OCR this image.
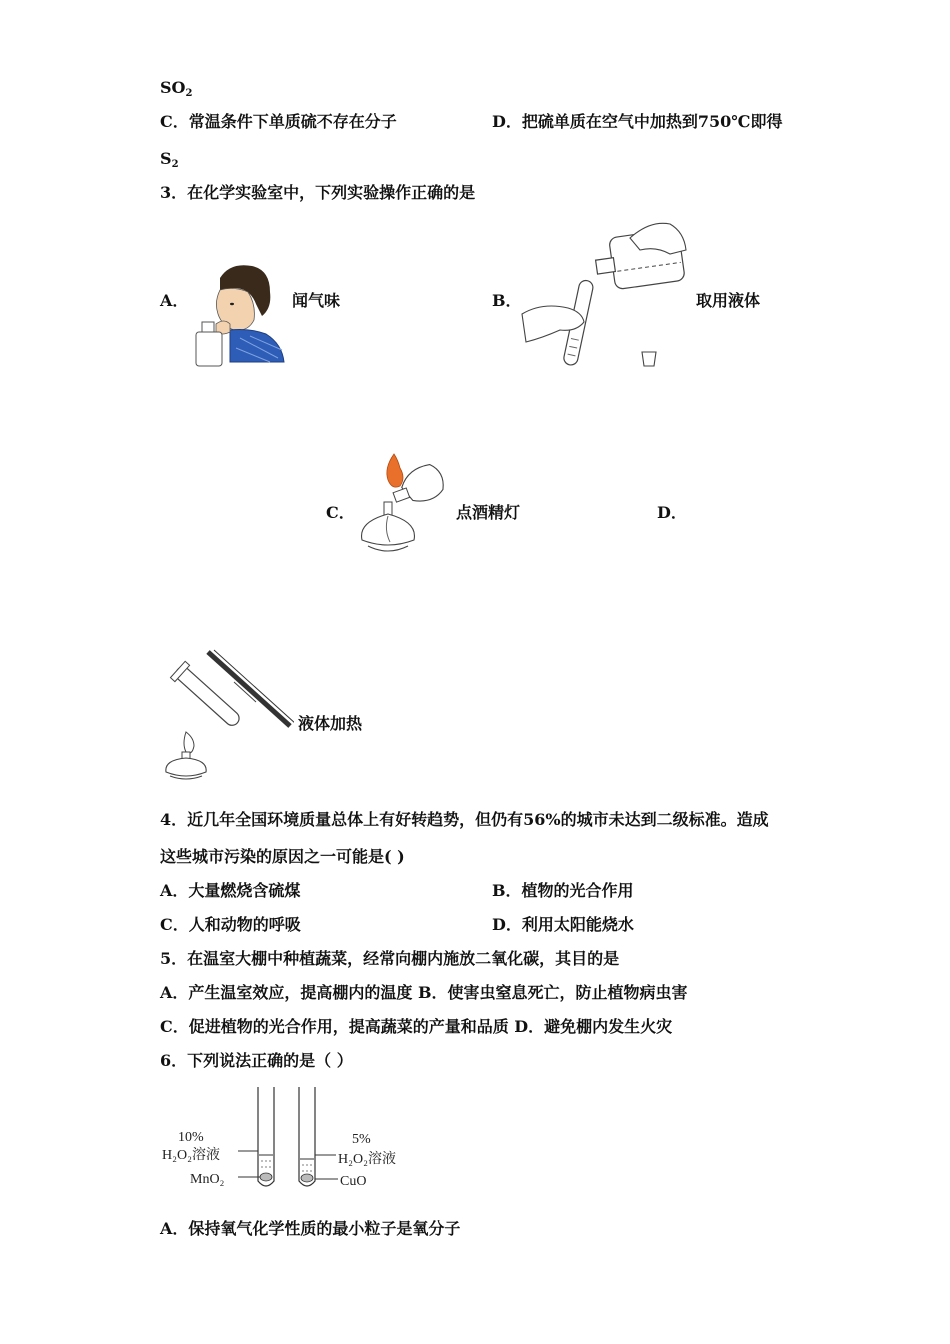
$SO_2$
C．常温条件下单质硫不存在分子	D．把硫单质在空气中加热到750℃即得
$S_2$
3．在化学实验室中，下列实验操作正确的是
A．	闻气味	B．	取用液体
C．	点酒精灯	D．
液体加热
4．近几年全国环境质量总体上有好转趋势，但仍有56%的城市未达到二级标准。造成
这些城市污染的原因之一可能是( )
A．大量燃烧含硫煤	B．植物的光合作用
C．人和动物的呼吸	D．利用太阳能烧水
5．在温室大棚中种植蔬菜，经常向棚内施放二氧化碳，其目的是
A．产生温室效应，提高棚内的温度 B．使害虫窒息死亡，防止植物病虫害
C．促进植物的光合作用，提高蔬菜的产量和品质 D．避免棚内发生火灾
6．下列说法正确的是（ ）
10%
H₂O₂溶液
MnO₂
5%
H₂O₂溶液
CuO
A．保持氧气化学性质的最小粒子是氧分子
